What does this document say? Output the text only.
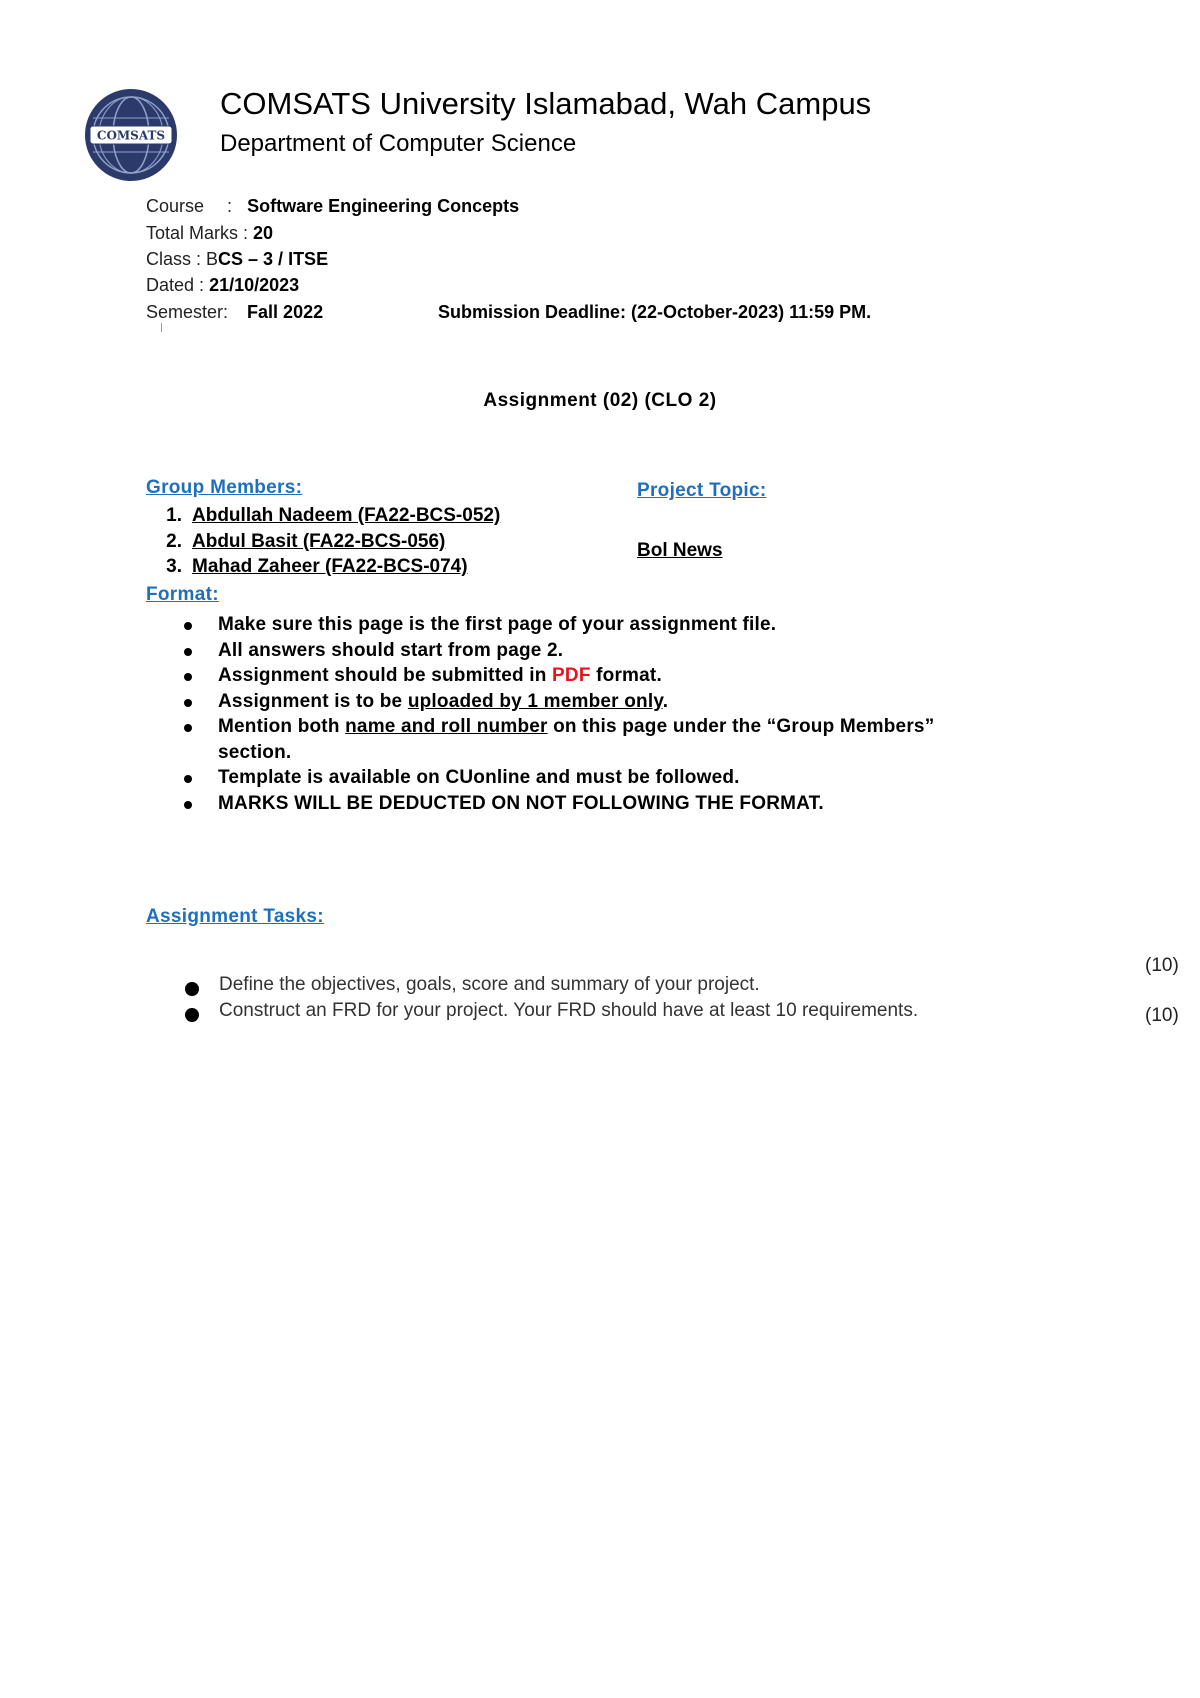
COMSATS
COMSATS University Islamabad, Wah Campus
Department of Computer Science
Course : Software Engineering Concepts
Total Marks : 20
Class : BCS – 3 / ITSE
Dated : 21/10/2023
Semester: Fall 2022	Submission Deadline: (22-October-2023) 11:59 PM.
Assignment (02) (CLO 2)
Group Members:
1. Abdullah Nadeem (FA22-BCS-052)
2. Abdul Basit (FA22-BCS-056)
3. Mahad Zaheer (FA22-BCS-074)
Project Topic:
Bol News
Format:
Make sure this page is the first page of your assignment file.
All answers should start from page 2.
Assignment should be submitted in PDF format.
Assignment is to be uploaded by 1 member only.
Mention both name and roll number on this page under the “Group Members”
section.
Template is available on CUonline and must be followed.
MARKS WILL BE DEDUCTED ON NOT FOLLOWING THE FORMAT.
Assignment Tasks:
(10)
Define the objectives, goals, score and summary of your project.
Construct an FRD for your project. Your FRD should have at least 10 requirements.	(10)
